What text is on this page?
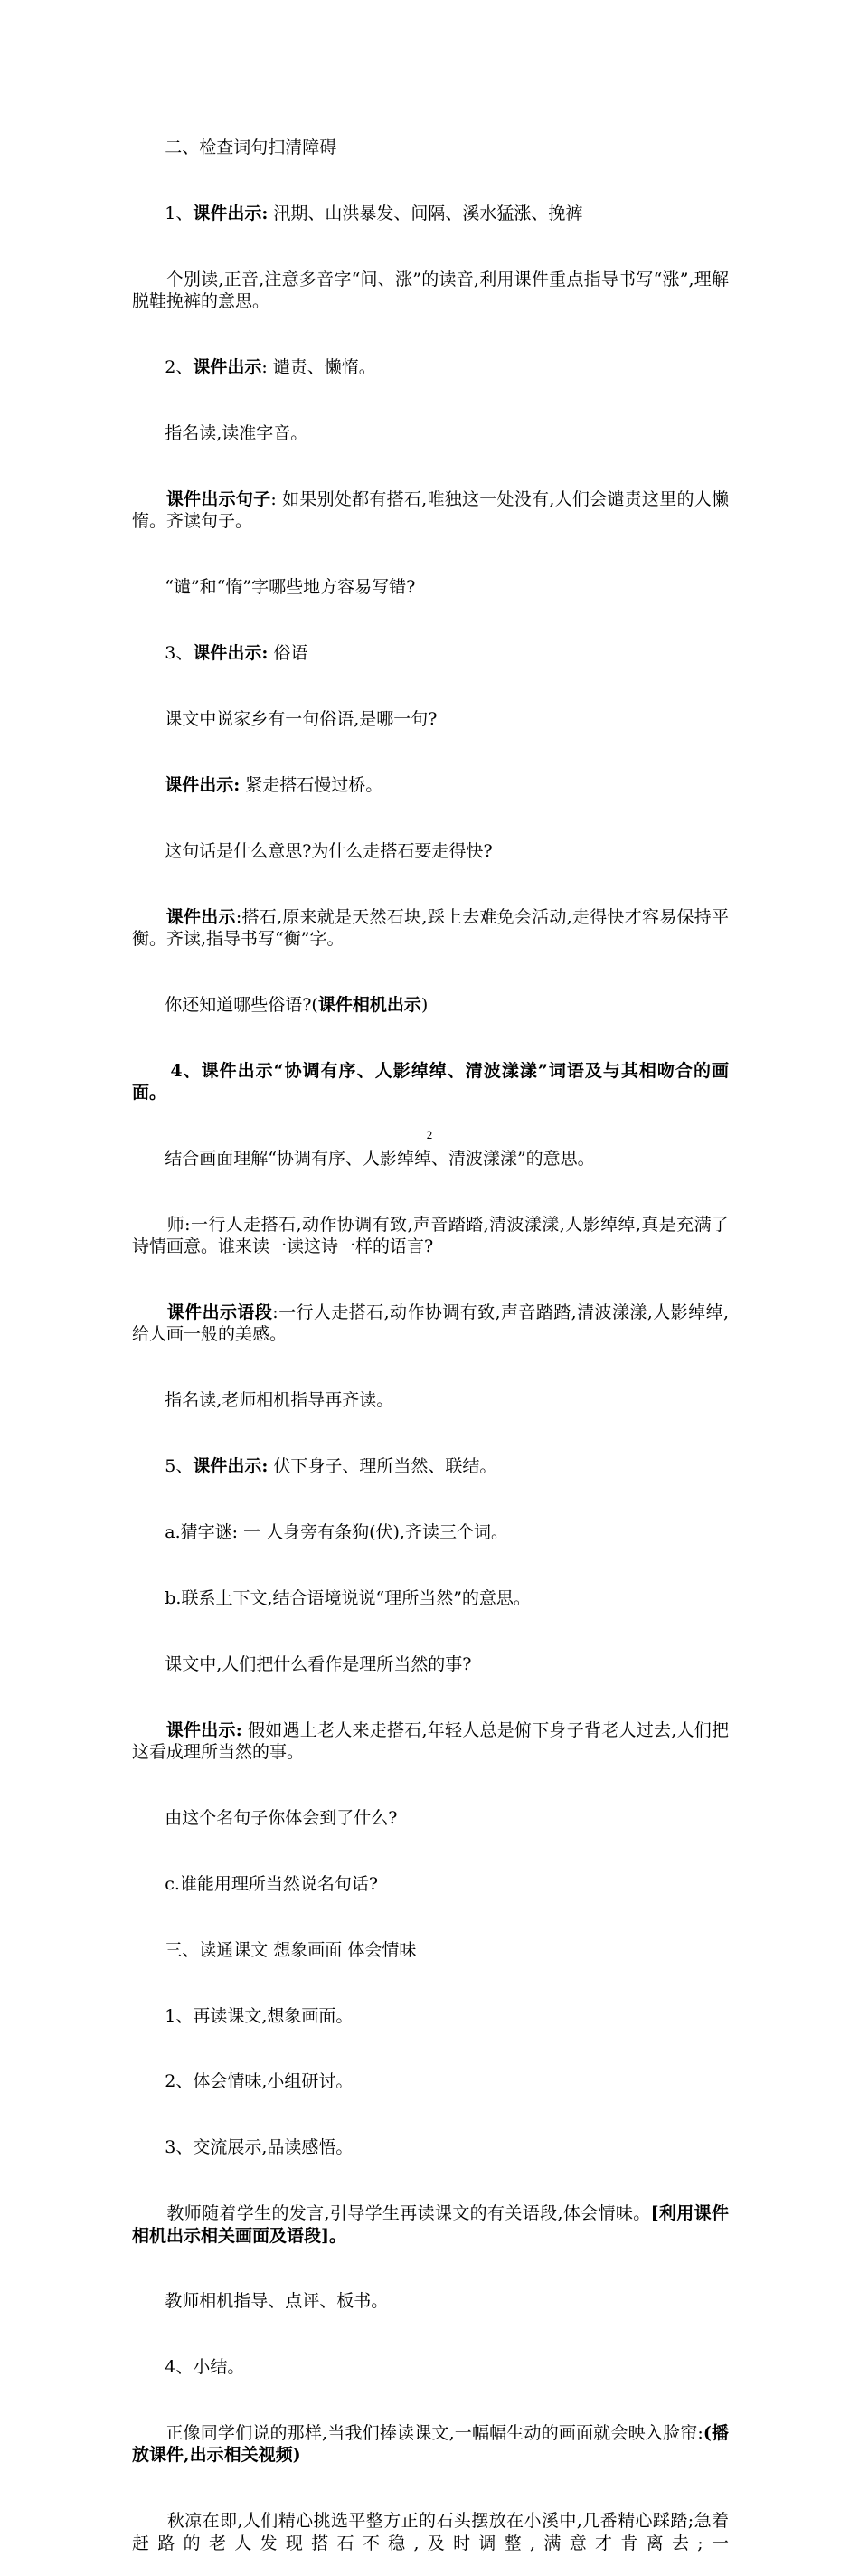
二、检查词句扫清障碍

1、课件出示: 汛期、山洪暴发、间隔、溪水猛涨、挽裤

个别读,正音,注意多音字“间、涨”的读音,利用课件重点指导书写“涨”,理解脱鞋挽裤的意思。

2、课件出示: 谴责、懒惰。

指名读,读准字音。

课件出示句子: 如果别处都有搭石,唯独这一处没有,人们会谴责这里的人懒惰。齐读句子。

“谴”和“惰”字哪些地方容易写错?

3、课件出示: 俗语

课文中说家乡有一句俗语,是哪一句?

课件出示: 紧走搭石慢过桥。

这句话是什么意思?为什么走搭石要走得快?

课件出示:搭石,原来就是天然石块,踩上去难免会活动,走得快才容易保持平衡。齐读,指导书写“衡”字。

你还知道哪些俗语?(课件相机出示)

4、课件出示“协调有序、人影绰绰、清波漾漾”词语及与其相吻合的画面。

结合画面理解“协调有序、人影绰绰、清波漾漾”的意思。

师:一行人走搭石,动作协调有致,声音踏踏,清波漾漾,人影绰绰,真是充满了诗情画意。谁来读一读这诗一样的语言?

课件出示语段:一行人走搭石,动作协调有致,声音踏踏,清波漾漾,人影绰绰,给人画一般的美感。

指名读,老师相机指导再齐读。

5、课件出示: 伏下身子、理所当然、联结。

a.猜字谜: 一 人身旁有条狗(伏),齐读三个词。

b.联系上下文,结合语境说说“理所当然”的意思。

课文中,人们把什么看作是理所当然的事?

课件出示: 假如遇上老人来走搭石,年轻人总是俯下身子背老人过去,人们把这看成理所当然的事。

由这个名句子你体会到了什么?

c.谁能用理所当然说名句话?

三、读通课文 想象画面 体会情味

1、再读课文,想象画面。

2、体会情味,小组研讨。

3、交流展示,品读感悟。

教师随着学生的发言,引导学生再读课文的有关语段,体会情味。[利用课件相机出示相关画面及语段]。

教师相机指导、点评、板书。

4、小结。

正像同学们说的那样,当我们捧读课文,一幅幅生动的画面就会映入脸帘:(播放课件,出示相关视频)

秋凉在即,人们精心挑选平整方正的石头摆放在小溪中,几番精心踩踏;急着赶路的老人发现搭石不稳,及时调整,满意才肯离去;一

2
